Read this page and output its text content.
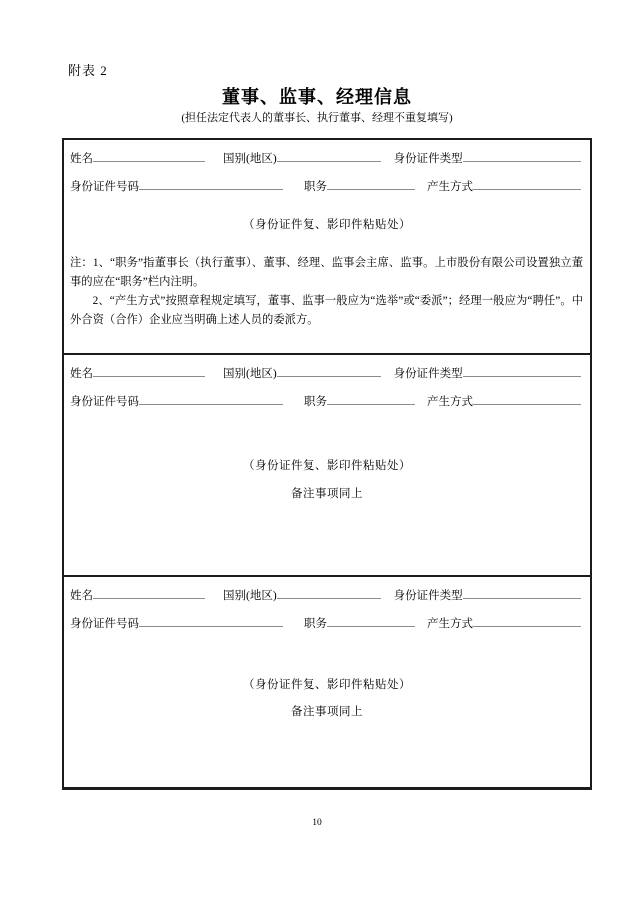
附表 2
董事、监事、经理信息
(担任法定代表人的董事长、执行董事、经理不重复填写)
姓名	国别(地区)	身份证件类型
身份证件号码	职务	产生方式
（身份证件复、影印件粘贴处）

注：1、“职务”指董事长（执行董事）、董事、经理、监事会主席、监事。上市股份有限公司设置独立董事的应在“职务”栏内注明。

2、“产生方式”按照章程规定填写，董事、监事一般应为“选举”或“委派”；经理一般应为“聘任”。中外合资（合作）企业应当明确上述人员的委派方。

姓名	国别(地区)	身份证件类型
身份证件号码	职务	产生方式
（身份证件复、影印件粘贴处）
备注事项同上
姓名	国别(地区)	身份证件类型
身份证件号码	职务	产生方式
（身份证件复、影印件粘贴处）
备注事项同上
10
